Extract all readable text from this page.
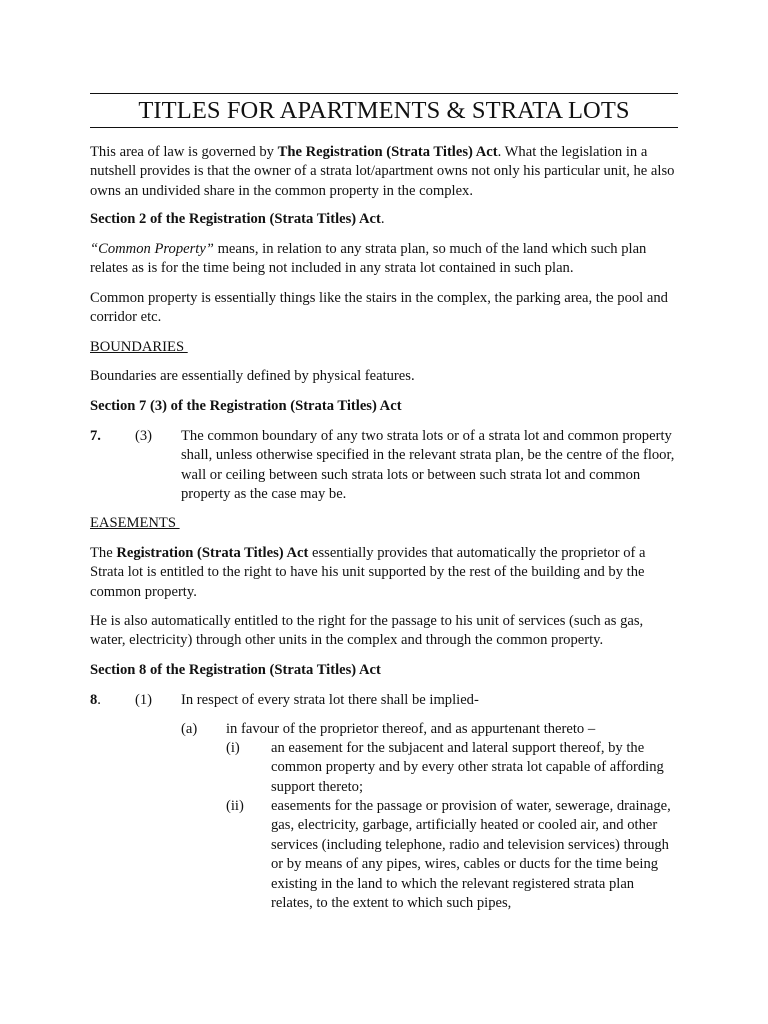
TITLES FOR APARTMENTS & STRATA LOTS

This area of law is governed by The Registration (Strata Titles) Act. What the legislation in a nutshell provides is that the owner of a strata lot/apartment owns not only his particular unit, he also owns an undivided share in the common property in the complex.

Section 2 of the Registration (Strata Titles) Act.

“Common Property” means, in relation to any strata plan, so much of the land which such plan relates as is for the time being not included in any strata lot contained in such plan.

Common property is essentially things like the stairs in the complex, the parking area, the pool and corridor etc.

BOUNDARIES

Boundaries are essentially defined by physical features.

Section 7 (3) of the Registration (Strata Titles) Act

7. (3) The common boundary of any two strata lots or of a strata lot and common property shall, unless otherwise specified in the relevant strata plan, be the centre of the floor, wall or ceiling between such strata lots or between such strata lot and common property as the case may be.

EASEMENTS

The Registration (Strata Titles) Act essentially provides that automatically the proprietor of a Strata lot is entitled to the right to have his unit supported by the rest of the building and by the common property.

He is also automatically entitled to the right for the passage to his unit of services (such as gas, water, electricity) through other units in the complex and through the common property.

Section 8 of the Registration (Strata Titles) Act

8. (1) In respect of every strata lot there shall be implied-

(a) in favour of the proprietor thereof, and as appurtenant thereto –

(i) an easement for the subjacent and lateral support thereof, by the common property and by every other strata lot capable of affording support thereto;

(ii) easements for the passage or provision of water, sewerage, drainage, gas, electricity, garbage, artificially heated or cooled air, and other services (including telephone, radio and television services) through or by means of any pipes, wires, cables or ducts for the time being existing in the land to which the relevant registered strata plan relates, to the extent to which such pipes,
